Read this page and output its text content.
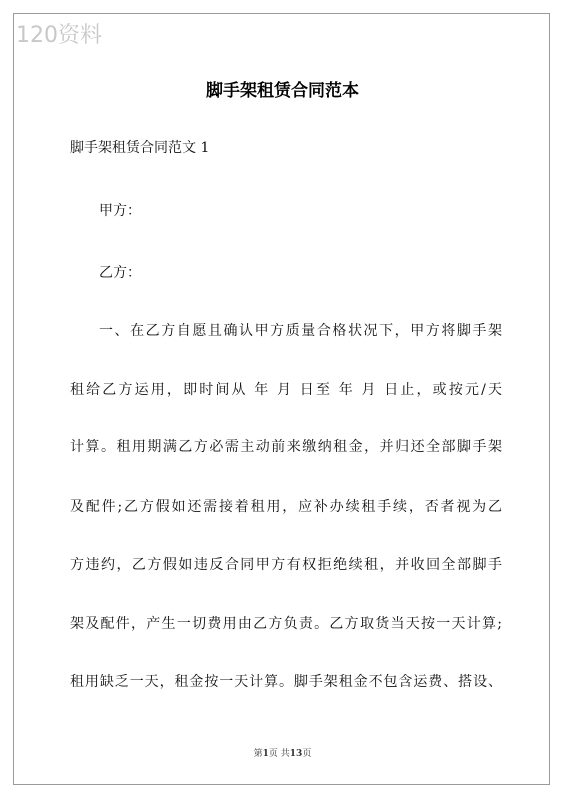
120资料
脚手架租赁合同范本
脚手架租赁合同范文 1
甲方：
乙方：
一、在乙方自愿且确认甲方质量合格状况下，甲方将脚手架
租给乙方运用，即时间从 年 月 日至 年 月 日止，或按元/天
计算。租用期满乙方必需主动前来缴纳租金，并归还全部脚手架
及配件;乙方假如还需接着租用，应补办续租手续，否者视为乙
方违约，乙方假如违反合同甲方有权拒绝续租，并收回全部脚手
架及配件，产生一切费用由乙方负责。乙方取货当天按一天计算;
租用缺乏一天，租金按一天计算。脚手架租金不包含运费、搭设、
第1页 共13页
